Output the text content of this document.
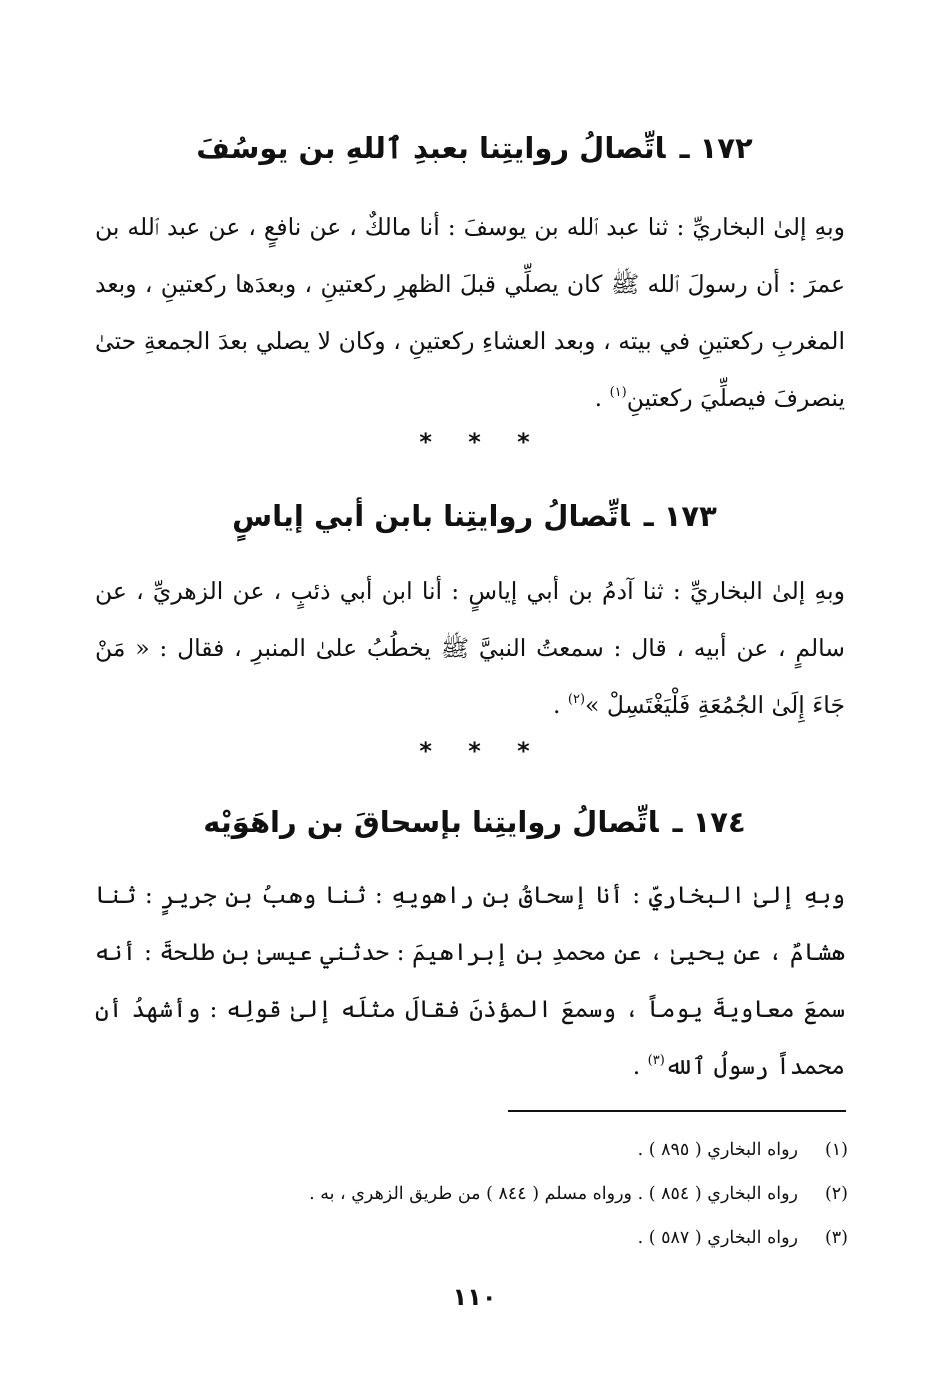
١٧٢ ـاتِّصالُ روايتِنا بعبدِ ٱللهِ بن يوسُفَ
وبهِ إلىٰ البخاريِّ : ثنا عبد ٱلله بن يوسفَ : أنا مالكٌ ، عن نافعٍ ، عن عبد ٱلله بن عمرَ : أن رسولَ ٱلله ﷺ كان يصلِّي قبلَ الظهرِ ركعتينِ ، وبعدَها ركعتينِ ، وبعد المغربِ ركعتينِ في بيته ، وبعد العشاءِ ركعتينِ ، وكان لا يصلي بعدَ الجمعةِ حتىٰ ينصرفَ فيصلِّيَ ركعتينِ$^{(١)}$ .
* * *
١٧٣ ـاتِّصالُ روايتِنا بابن أبي إياسٍ
وبهِ إلىٰ البخاريِّ : ثنا آدمُ بن أبي إياسٍ : أنا ابن أبي ذئبٍ ، عن الزهريِّ ، عن سالمٍ ، عن أبيه ، قال : سمعتُ النبيَّ ﷺ يخطُبُ علىٰ المنبرِ ، فقال : « مَنْ جَاءَ إِلَىٰ الجُمُعَةِ فَلْيَغْتَسِلْ »$^{(٢)}$ .
* * *
١٧٤ ـاتِّصالُ روايتِنا بإسحاقَ بن راهَوَيْه
وبهِ إلىٰ البخاريِّ : أنا إسحاقُ بن راهويهِ : ثنا وهبُ بن جريرٍ : ثنا هشامٌ ، عن يحيىٰ ، عن محمدِ بن إبراهيمَ : حدثني عيسىٰ بن طلحةَ : أنه سمعَ معاويةَ يوماً ، وسمعَ المؤذنَ فقالَ مثلَه إلىٰ قولِه : وأشهدُ أن محمداً رسولُ ٱلله$^{(٣)}$ .
(١)رواه البخاري ( ٨٩٥ ) .
(٢)رواه البخاري ( ٨٥٤ ) . ورواه مسلم ( ٨٤٤ ) من طريق الزهري ، به .
(٣)رواه البخاري ( ٥٨٧ ) .
١١٠
